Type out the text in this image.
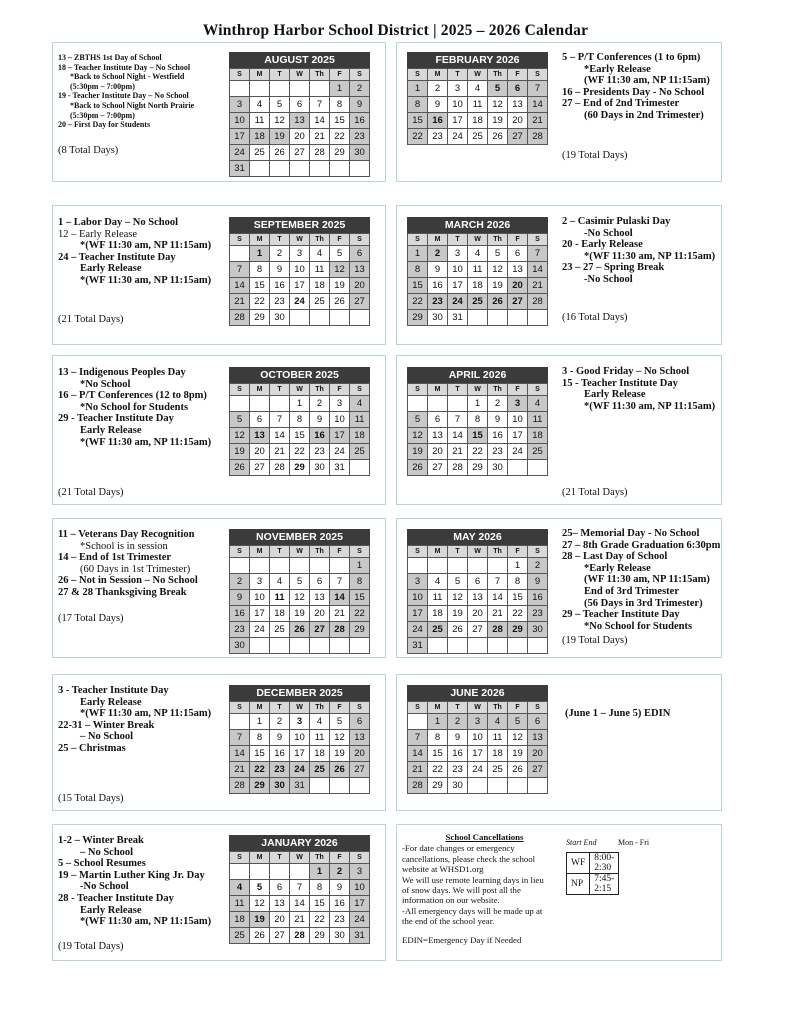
Winthrop Harbor School District | 2025 – 2026 Calendar
13 – ZBTHS 1st Day of School
18 – Teacher Institute Day – No School
*Back to School Night - Westfield
(5:30pm – 7:00pm)
19 - Teacher Institute Day – No School
*Back to School Night North Prairie
(5:30pm – 7:00pm)
20 – First Day for Students
AUGUST 2025
S	M	T	W	Th	F	S
					1	2
3	4	5	6	7	8	9
10	11	12	13	14	15	16
17	18	19	20	21	22	23
24	25	26	27	28	29	30
31						
(8 Total Days)
FEBRUARY 2026
S	M	T	W	Th	F	S
1	2	3	4	5	6	7
8	9	10	11	12	13	14
15	16	17	18	19	20	21
22	23	24	25	26	27	28
5 – P/T Conferences (1 to 6pm)
*Early Release
(WF 11:30 am, NP 11:15am)
16 – Presidents Day - No School
27 – End of 2nd Trimester
(60 Days in 2nd Trimester)
(19 Total Days)
1 – Labor Day – No School
12 – Early Release
*(WF 11:30 am, NP 11:15am)
24 – Teacher Institute Day
Early Release
*(WF 11:30 am, NP 11:15am)
SEPTEMBER 2025
S	M	T	W	Th	F	S
	1	2	3	4	5	6
7	8	9	10	11	12	13
14	15	16	17	18	19	20
21	22	23	24	25	26	27
28	29	30				
(21 Total Days)
MARCH 2026
S	M	T	W	Th	F	S
1	2	3	4	5	6	7
8	9	10	11	12	13	14
15	16	17	18	19	20	21
22	23	24	25	26	27	28
29	30	31				
2 – Casimir Pulaski Day
-No School
20 - Early Release
*(WF 11:30 am, NP 11:15am)
23 – 27 – Spring Break
-No School
(16 Total Days)
13 – Indigenous Peoples Day
*No School
16 – P/T Conferences (12 to 8pm)
*No School for Students
29 - Teacher Institute Day
Early Release
*(WF 11:30 am, NP 11:15am)
OCTOBER 2025
S	M	T	W	Th	F	S
			1	2	3	4
5	6	7	8	9	10	11
12	13	14	15	16	17	18
19	20	21	22	23	24	25
26	27	28	29	30	31	
(21 Total Days)
APRIL 2026
S	M	T	W	Th	F	S
			1	2	3	4
5	6	7	8	9	10	11
12	13	14	15	16	17	18
19	20	21	22	23	24	25
26	27	28	29	30		
3 - Good Friday – No School
15 - Teacher Institute Day
Early Release
*(WF 11:30 am, NP 11:15am)
(21 Total Days)
11 – Veterans Day Recognition
*School is in session
14 – End of 1st Trimester
(60 Days in 1st Trimester)
26 – Not in Session – No School
27 & 28 Thanksgiving Break
NOVEMBER 2025
S	M	T	W	Th	F	S
						1
2	3	4	5	6	7	8
9	10	11	12	13	14	15
16	17	18	19	20	21	22
23	24	25	26	27	28	29
30						
(17 Total Days)
MAY 2026
S	M	T	W	Th	F	S
					1	2
3	4	5	6	7	8	9
10	11	12	13	14	15	16
17	18	19	20	21	22	23
24	25	26	27	28	29	30
31						
25– Memorial Day - No School
27 – 8th Grade Graduation 6:30pm
28 – Last Day of School
*Early Release
(WF 11:30 am, NP 11:15am)
End of 3rd Trimester
(56 Days in 3rd Trimester)
29 – Teacher Institute Day
*No School for Students
(19 Total Days)
3 - Teacher Institute Day
Early Release
*(WF 11:30 am, NP 11:15am)
22-31 – Winter Break
– No School
25 – Christmas
DECEMBER 2025
S	M	T	W	Th	F	S
	1	2	3	4	5	6
7	8	9	10	11	12	13
14	15	16	17	18	19	20
21	22	23	24	25	26	27
28	29	30	31			
(15 Total Days)
JUNE 2026
S	M	T	W	Th	F	S
	1	2	3	4	5	6
7	8	9	10	11	12	13
14	15	16	17	18	19	20
21	22	23	24	25	26	27
28	29	30				
(June 1 – June 5) EDIN
1-2 – Winter Break
– No School
5 – School Resumes
19 – Martin Luther King Jr. Day
-No School
28 - Teacher Institute Day
Early Release
*(WF 11:30 am, NP 11:15am)
JANUARY 2026
S	M	T	W	Th	F	S
				1	2	3
4	5	6	7	8	9	10
11	12	13	14	15	16	17
18	19	20	21	22	23	24
25	26	27	28	29	30	31
(19 Total Days)
School Cancellations
-For date changes or emergency
cancellations, please check the school
website at WHSD1.org
We will use remote learning days in lieu
of snow days. We will post all the
information on our website.
-All emergency days will be made up at
the end of the school year.
EDIN=Emergency Day if Needed
Start End	Mon - Fri
WF	8:00-2:30
NP	7:45-2:15
